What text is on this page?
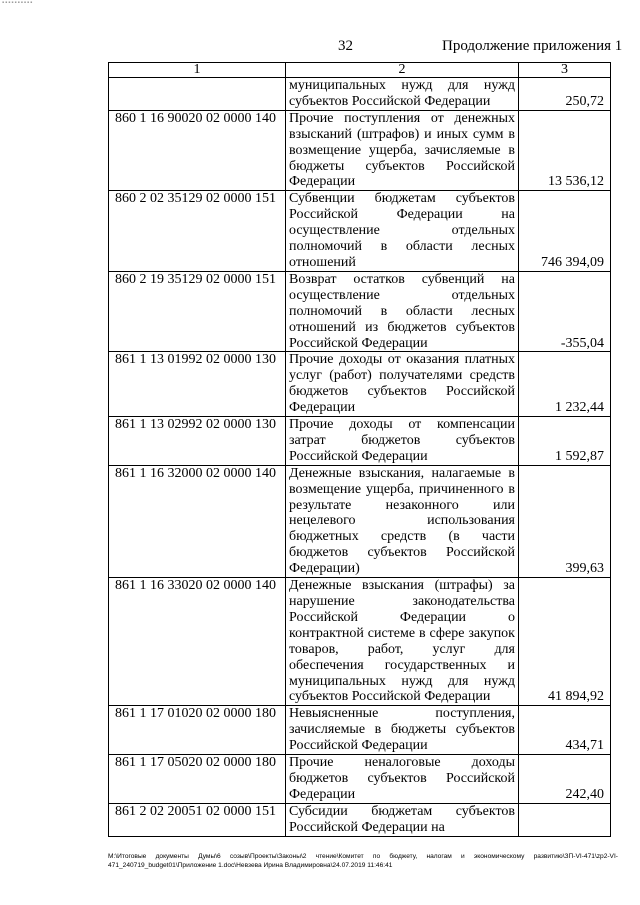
▪▪▪▪▪▪▪▪▪▪
32	Продолжение приложения 1
1	2	3
	муниципальных нужд для нужд субъектов Российской Федерации	250,72
860 1 16 90020 02 0000 140	Прочие поступления от денежных взысканий (штрафов) и иных сумм в возмещение ущерба, зачисляемые в бюджеты субъектов Российской Федерации	13 536,12
860 2 02 35129 02 0000 151	Субвенции бюджетам субъектов Российской Федерации на осуществление отдельных полномочий в области лесных отношений	746 394,09
860 2 19 35129 02 0000 151	Возврат остатков субвенций на осуществление отдельных полномочий в области лесных отношений из бюджетов субъектов Российской Федерации	-355,04
861 1 13 01992 02 0000 130	Прочие доходы от оказания платных услуг (работ) получателями средств бюджетов субъектов Российской Федерации	1 232,44
861 1 13 02992 02 0000 130	Прочие доходы от компенсации затрат бюджетов субъектов Российской Федерации	1 592,87
861 1 16 32000 02 0000 140	Денежные взыскания, налагаемые в возмещение ущерба, причиненного в результате незаконного или нецелевого использования бюджетных средств (в части бюджетов субъектов Российской Федерации)	399,63
861 1 16 33020 02 0000 140	Денежные взыскания (штрафы) за нарушение законодательства Российской Федерации о контрактной системе в сфере закупок товаров, работ, услуг для обеспечения государственных и муниципальных нужд для нужд субъектов Российской Федерации	41 894,92
861 1 17 01020 02 0000 180	Невыясненные поступления, зачисляемые в бюджеты субъектов Российской Федерации	434,71
861 1 17 05020 02 0000 180	Прочие неналоговые доходы бюджетов субъектов Российской Федерации	242,40
861 2 02 20051 02 0000 151	Субсидии бюджетам субъектов Российской Федерации на	
M:\Итоговые документы Думы\6 созыв\Проекты\Законы\2 чтение\Комитет по бюджету, налогам и экономическому развитию\ЗП-VI-471\zp2-VI-471_240719_budget01\Приложение 1.doc\Невзева Ирина Владимировна\24.07.2019 11:46:41
